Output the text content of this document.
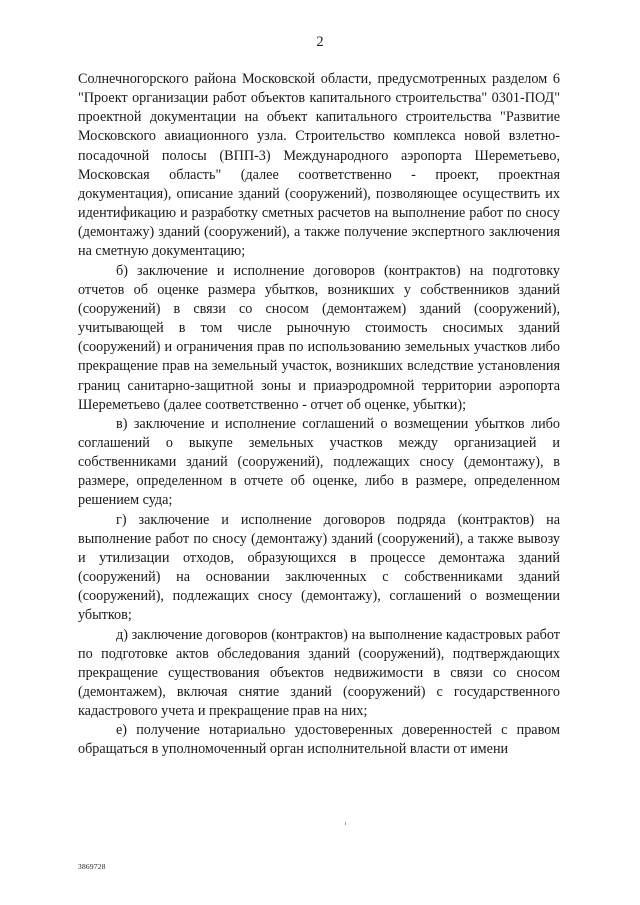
2

Солнечногорского района Московской области, предусмотренных разделом 6 "Проект организации работ объектов капитального строительства" 0301-ПОД" проектной документации на объект капитального строительства "Развитие Московского авиационного узла. Строительство комплекса новой взлетно-посадочной полосы (ВПП-3) Международного аэропорта Шереметьево, Московская область" (далее соответственно - проект, проектная документация), описание зданий (сооружений), позволяющее осуществить их идентификацию и разработку сметных расчетов на выполнение работ по сносу (демонтажу) зданий (сооружений), а также получение экспертного заключения на сметную документацию;

б) заключение и исполнение договоров (контрактов) на подготовку отчетов об оценке размера убытков, возникших у собственников зданий (сооружений) в связи со сносом (демонтажем) зданий (сооружений), учитывающей в том числе рыночную стоимость сносимых зданий (сооружений) и ограничения прав по использованию земельных участков либо прекращение прав на земельный участок, возникших вследствие установления границ санитарно-защитной зоны и приаэродромной территории аэропорта Шереметьево (далее соответственно - отчет об оценке, убытки);

в) заключение и исполнение соглашений о возмещении убытков либо соглашений о выкупе земельных участков между организацией и собственниками зданий (сооружений), подлежащих сносу (демонтажу), в размере, определенном в отчете об оценке, либо в размере, определенном решением суда;

г) заключение и исполнение договоров подряда (контрактов) на выполнение работ по сносу (демонтажу) зданий (сооружений), а также вывозу и утилизации отходов, образующихся в процессе демонтажа зданий (сооружений) на основании заключенных с собственниками зданий (сооружений), подлежащих сносу (демонтажу), соглашений о возмещении убытков;

д) заключение договоров (контрактов) на выполнение кадастровых работ по подготовке актов обследования зданий (сооружений), подтверждающих прекращение существования объектов недвижимости в связи со сносом (демонтажем), включая снятие зданий (сооружений) с государственного кадастрового учета и прекращение прав на них;

е) получение нотариально удостоверенных доверенностей с правом обращаться в уполномоченный орган исполнительной власти от имени

3869728
